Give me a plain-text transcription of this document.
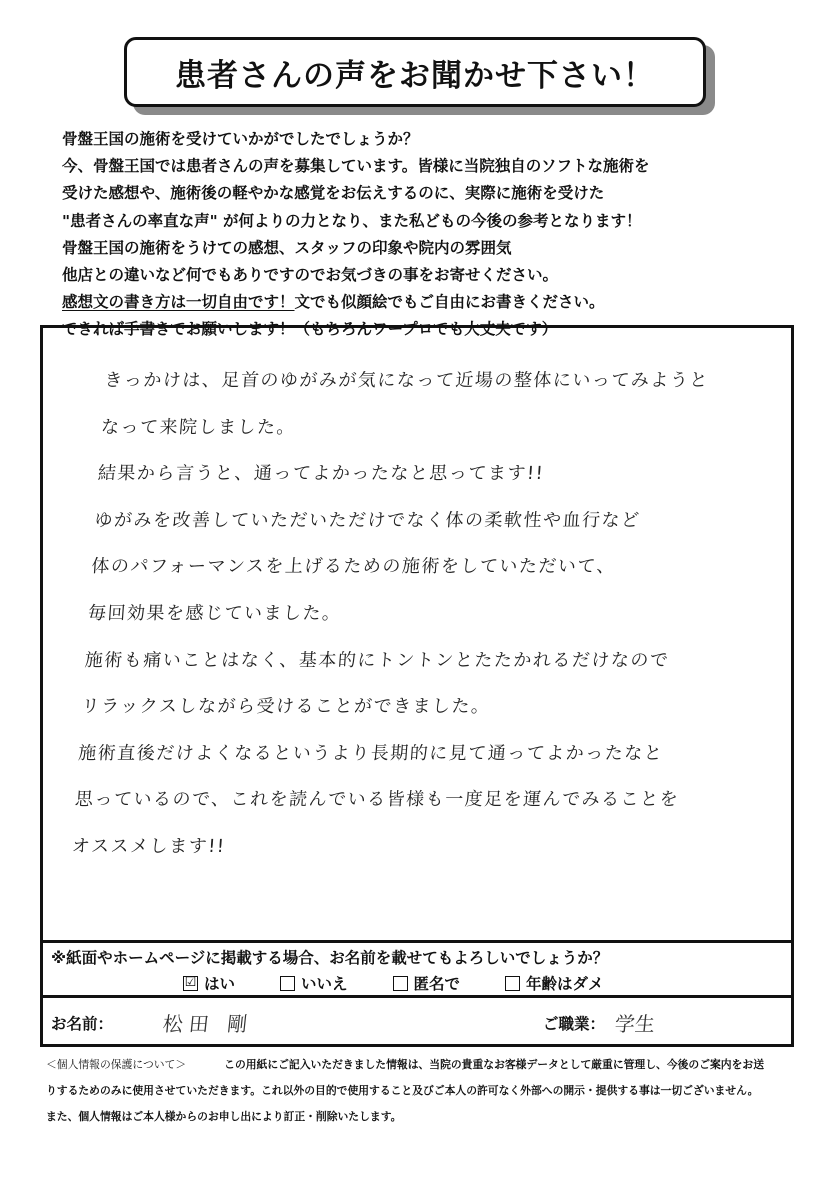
患者さんの声をお聞かせ下さい！
骨盤王国の施術を受けていかがでしたでしょうか？
今、骨盤王国では患者さんの声を募集しています。皆様に当院独自のソフトな施術を
受けた感想や、施術後の軽やかな感覚をお伝えするのに、実際に施術を受けた
"患者さんの率直な声" が何よりの力となり、また私どもの今後の参考となります！
骨盤王国の施術をうけての感想、スタッフの印象や院内の雰囲気
他店との違いなど何でもありですのでお気づきの事をお寄せください。
感想文の書き方は一切自由です！文でも似顔絵でもご自由にお書きください。
できれば手書きでお願いします！（もちろんワープロでも大丈夫です）
きっかけは、足首のゆがみが気になって近場の整体にいってみようと
なって来院しました。
結果から言うと、通ってよかったなと思ってます!!
ゆがみを改善していただいただけでなく体の柔軟性や血行など
体のパフォーマンスを上げるための施術をしていただいて、
毎回効果を感じていました。
施術も痛いことはなく、基本的にトントンとたたかれるだけなので
リラックスしながら受けることができました。
施術直後だけよくなるというより長期的に見て通ってよかったなと
思っているので、これを読んでいる皆様も一度足を運んでみることを
オススメします!!
※紙面やホームページに掲載する場合、お名前を載せてもよろしいでしょうか？
☑ はい	いいえ	匿名で	年齢はダメ
お名前： 松田 剛	ご職業： 学生
＜個人情報の保護について＞	この用紙にご記入いただきました情報は、当院の貴重なお客様データとして厳重に管理し、今後のご案内をお送
りするためのみに使用させていただきます。これ以外の目的で使用すること及びご本人の許可なく外部への開示・提供する事は一切ございません。
また、個人情報はご本人様からのお申し出により訂正・削除いたします。
